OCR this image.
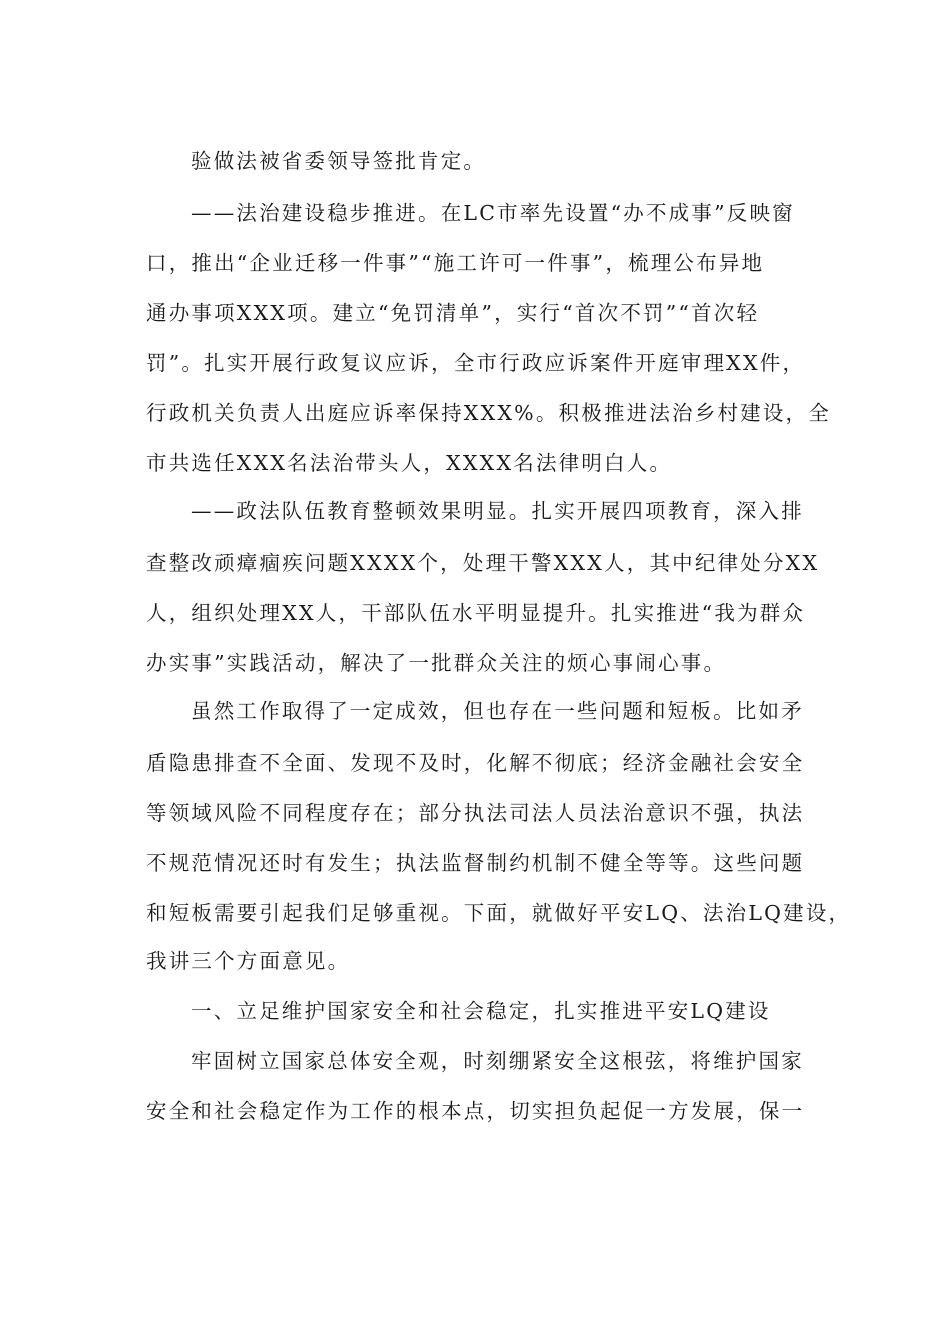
验做法被省委领导签批肯定。
——法治建设稳步推进。在LC市率先设置“办不成事”反映窗
口，推出“企业迁移一件事”“施工许可一件事”，梳理公布异地
通办事项XXX项。建立“免罚清单”，实行“首次不罚”“首次轻
罚”。扎实开展行政复议应诉，全市行政应诉案件开庭审理XX件，
行政机关负责人出庭应诉率保持XXX%。积极推进法治乡村建设，全
市共选任XXX名法治带头人，XXXX名法律明白人。
——政法队伍教育整顿效果明显。扎实开展四项教育，深入排
查整改顽瘴痼疾问题XXXX个，处理干警XXX人，其中纪律处分XX
人，组织处理XX人，干部队伍水平明显提升。扎实推进“我为群众
办实事”实践活动，解决了一批群众关注的烦心事闹心事。
虽然工作取得了一定成效，但也存在一些问题和短板。比如矛
盾隐患排查不全面、发现不及时，化解不彻底；经济金融社会安全
等领域风险不同程度存在；部分执法司法人员法治意识不强，执法
不规范情况还时有发生；执法监督制约机制不健全等等。这些问题
和短板需要引起我们足够重视。下面，就做好平安LQ、法治LQ建设，
我讲三个方面意见。
一、立足维护国家安全和社会稳定，扎实推进平安LQ建设
牢固树立国家总体安全观，时刻绷紧安全这根弦，将维护国家
安全和社会稳定作为工作的根本点，切实担负起促一方发展，保一
